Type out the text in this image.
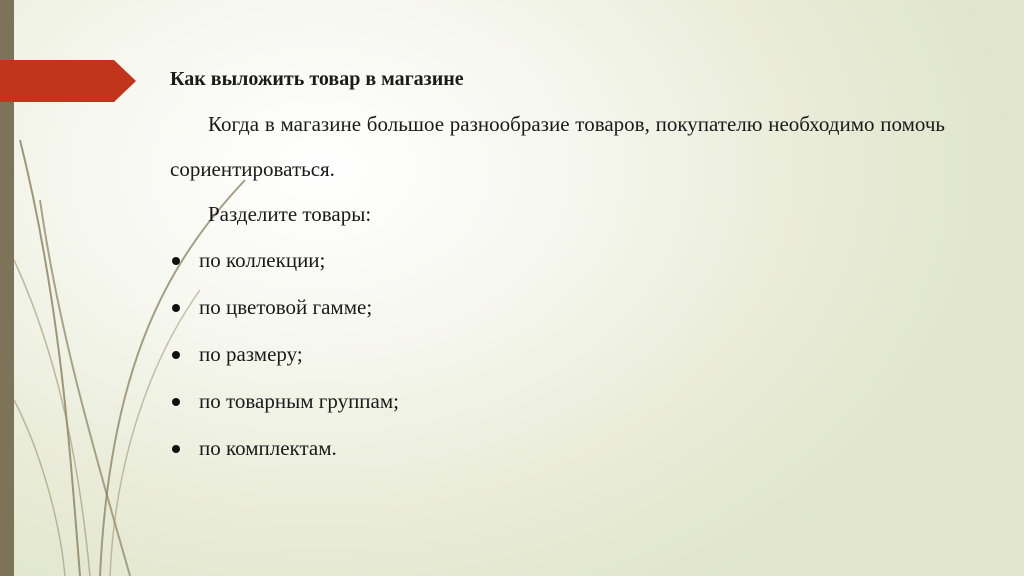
Как выложить товар в магазине
Когда в магазине большое разнообразие товаров, покупателю необходимо помочь сориентироваться.
Разделите товары:
по коллекции;
по цветовой гамме;
по размеру;
по товарным группам;
по комплектам.
